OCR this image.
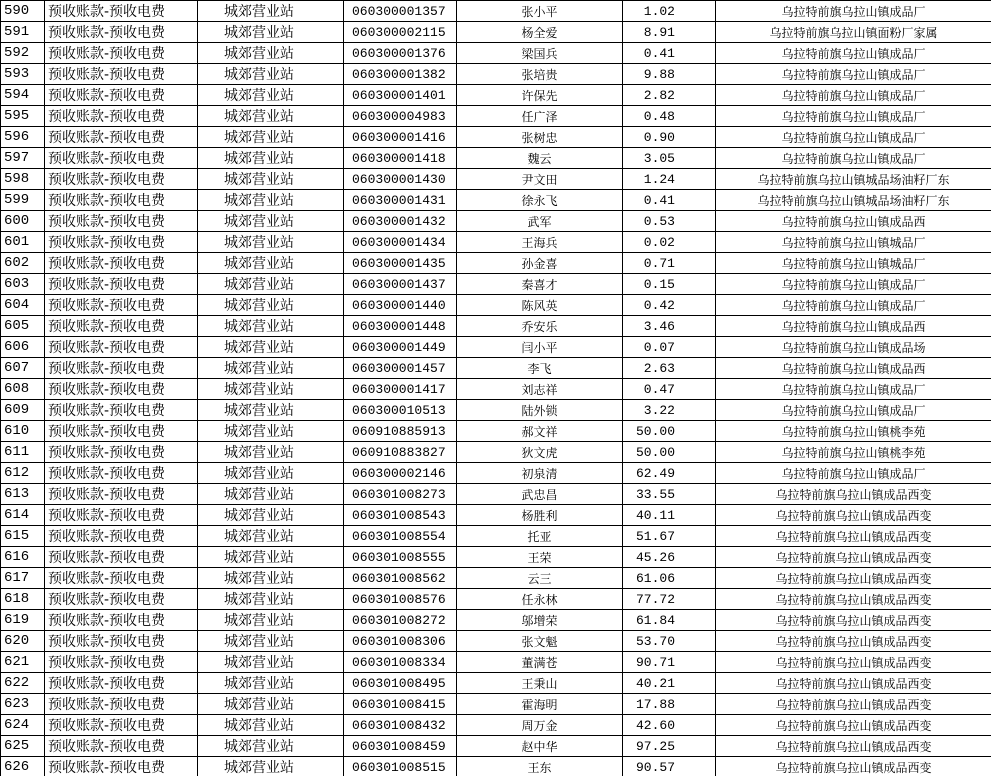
590	预收账款-预收电费	城郊营业站	060300001357	张小平	1.02	乌拉特前旗乌拉山镇成品厂
591	预收账款-预收电费	城郊营业站	060300002115	杨全爱	8.91	乌拉特前旗乌拉山镇面粉厂家属
592	预收账款-预收电费	城郊营业站	060300001376	梁国兵	0.41	乌拉特前旗乌拉山镇成品厂
593	预收账款-预收电费	城郊营业站	060300001382	张培贵	9.88	乌拉特前旗乌拉山镇成品厂
594	预收账款-预收电费	城郊营业站	060300001401	许保先	2.82	乌拉特前旗乌拉山镇成品厂
595	预收账款-预收电费	城郊营业站	060300004983	任广泽	0.48	乌拉特前旗乌拉山镇成品厂
596	预收账款-预收电费	城郊营业站	060300001416	张树忠	0.90	乌拉特前旗乌拉山镇成品厂
597	预收账款-预收电费	城郊营业站	060300001418	魏云	3.05	乌拉特前旗乌拉山镇成品厂
598	预收账款-预收电费	城郊营业站	060300001430	尹文田	1.24	乌拉特前旗乌拉山镇城品场油籽厂东
599	预收账款-预收电费	城郊营业站	060300001431	徐永飞	0.41	乌拉特前旗乌拉山镇城品场油籽厂东
600	预收账款-预收电费	城郊营业站	060300001432	武军	0.53	乌拉特前旗乌拉山镇成品西
601	预收账款-预收电费	城郊营业站	060300001434	王海兵	0.02	乌拉特前旗乌拉山镇城品厂
602	预收账款-预收电费	城郊营业站	060300001435	孙金喜	0.71	乌拉特前旗乌拉山镇城品厂
603	预收账款-预收电费	城郊营业站	060300001437	秦喜才	0.15	乌拉特前旗乌拉山镇成品厂
604	预收账款-预收电费	城郊营业站	060300001440	陈风英	0.42	乌拉特前旗乌拉山镇成品厂
605	预收账款-预收电费	城郊营业站	060300001448	乔安乐	3.46	乌拉特前旗乌拉山镇成品西
606	预收账款-预收电费	城郊营业站	060300001449	闫小平	0.07	乌拉特前旗乌拉山镇成品场
607	预收账款-预收电费	城郊营业站	060300001457	李飞	2.63	乌拉特前旗乌拉山镇成品西
608	预收账款-预收电费	城郊营业站	060300001417	刘志祥	0.47	乌拉特前旗乌拉山镇成品厂
609	预收账款-预收电费	城郊营业站	060300010513	陆外锁	3.22	乌拉特前旗乌拉山镇成品厂
610	预收账款-预收电费	城郊营业站	060910885913	郝文祥	50.00	乌拉特前旗乌拉山镇桃李苑
611	预收账款-预收电费	城郊营业站	060910883827	狄文虎	50.00	乌拉特前旗乌拉山镇桃李苑
612	预收账款-预收电费	城郊营业站	060300002146	初泉清	62.49	乌拉特前旗乌拉山镇成品厂
613	预收账款-预收电费	城郊营业站	060301008273	武忠昌	33.55	乌拉特前旗乌拉山镇成品西变
614	预收账款-预收电费	城郊营业站	060301008543	杨胜利	40.11	乌拉特前旗乌拉山镇成品西变
615	预收账款-预收电费	城郊营业站	060301008554	托亚	51.67	乌拉特前旗乌拉山镇成品西变
616	预收账款-预收电费	城郊营业站	060301008555	王荣	45.26	乌拉特前旗乌拉山镇成品西变
617	预收账款-预收电费	城郊营业站	060301008562	云三	61.06	乌拉特前旗乌拉山镇成品西变
618	预收账款-预收电费	城郊营业站	060301008576	任永林	77.72	乌拉特前旗乌拉山镇成品西变
619	预收账款-预收电费	城郊营业站	060301008272	邬增荣	61.84	乌拉特前旗乌拉山镇成品西变
620	预收账款-预收电费	城郊营业站	060301008306	张文魁	53.70	乌拉特前旗乌拉山镇成品西变
621	预收账款-预收电费	城郊营业站	060301008334	董满苍	90.71	乌拉特前旗乌拉山镇成品西变
622	预收账款-预收电费	城郊营业站	060301008495	王秉山	40.21	乌拉特前旗乌拉山镇成品西变
623	预收账款-预收电费	城郊营业站	060301008415	霍海明	17.88	乌拉特前旗乌拉山镇成品西变
624	预收账款-预收电费	城郊营业站	060301008432	周万金	42.60	乌拉特前旗乌拉山镇成品西变
625	预收账款-预收电费	城郊营业站	060301008459	赵中华	97.25	乌拉特前旗乌拉山镇成品西变
626	预收账款-预收电费	城郊营业站	060301008515	王东	90.57	乌拉特前旗乌拉山镇成品西变
